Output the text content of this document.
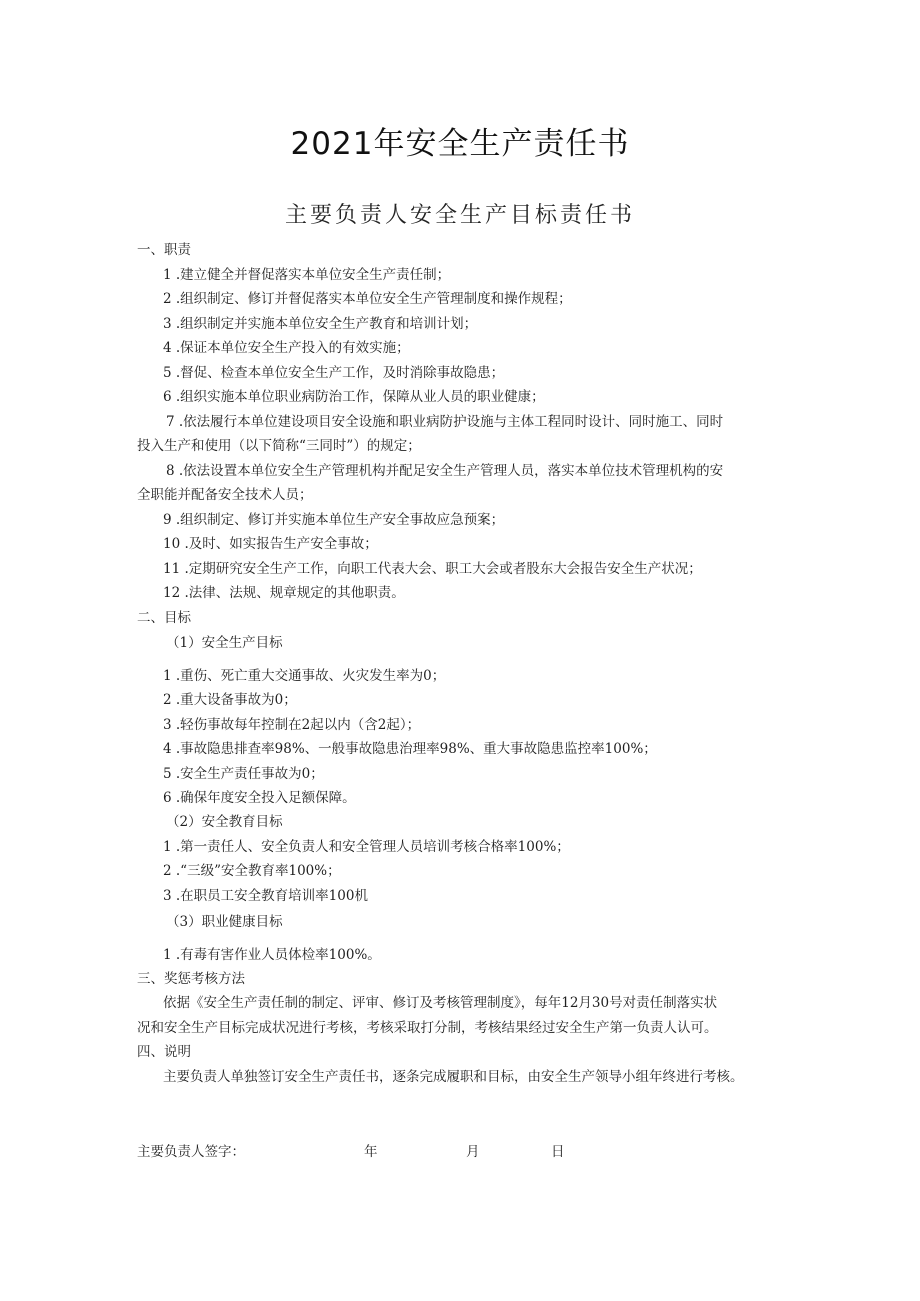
2021年安全生产责任书
主要负责人安全生产目标责任书
一、职责
1 .建立健全并督促落实本单位安全生产责任制；
2 .组织制定、修订并督促落实本单位安全生产管理制度和操作规程；
3 .组织制定并实施本单位安全生产教育和培训计划；
4 .保证本单位安全生产投入的有效实施；
5 .督促、检查本单位安全生产工作，及时消除事故隐患；
6 .组织实施本单位职业病防治工作，保障从业人员的职业健康；
7 .依法履行本单位建设项目安全设施和职业病防护设施与主体工程同时设计、同时施工、同时
投入生产和使用（以下简称“三同时”）的规定；
8 .依法设置本单位安全生产管理机构并配足安全生产管理人员，落实本单位技术管理机构的安
全职能并配备安全技术人员；
9 .组织制定、修订并实施本单位生产安全事故应急预案；
10 .及时、如实报告生产安全事故；
11 .定期研究安全生产工作，向职工代表大会、职工大会或者股东大会报告安全生产状况；
12 .法律、法规、规章规定的其他职责。
二、目标
（1）安全生产目标
1 .重伤、死亡重大交通事故、火灾发生率为0；
2 .重大设备事故为0；
3 .轻伤事故每年控制在2起以内（含2起）；
4 .事故隐患排查率98%、一般事故隐患治理率98%、重大事故隐患监控率100%；
5 .安全生产责任事故为0；
6 .确保年度安全投入足额保障。
（2）安全教育目标
1 .第一责任人、安全负责人和安全管理人员培训考核合格率100%；
2 .“三级”安全教育率100%；
3 .在职员工安全教育培训率100机
（3）职业健康目标
1 .有毒有害作业人员体检率100%。
三、奖惩考核方法
依据《安全生产责任制的制定、评审、修订及考核管理制度》，每年12月30号对责任制落实状
况和安全生产目标完成状况进行考核，考核采取打分制，考核结果经过安全生产第一负责人认可。
四、说明
主要负责人单独签订安全生产责任书，逐条完成履职和目标，由安全生产领导小组年终进行考核。
主要负责人签字：	年	月	日
